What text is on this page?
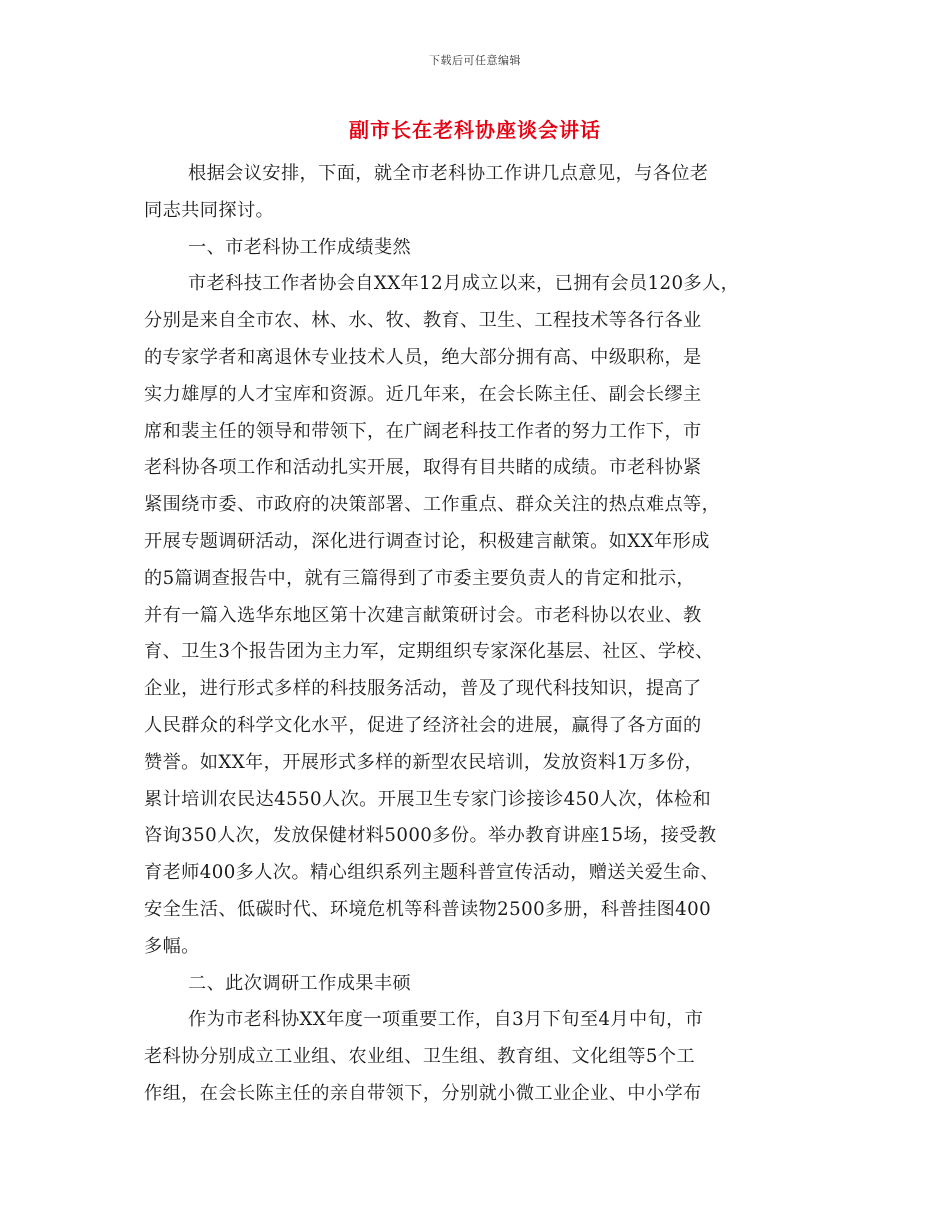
下载后可任意编辑
副市长在老科协座谈会讲话
根据会议安排，下面，就全市老科协工作讲几点意见，与各位老
同志共同探讨。
一、市老科协工作成绩斐然
市老科技工作者协会自XX年12月成立以来，已拥有会员120多人，
分别是来自全市农、林、水、牧、教育、卫生、工程技术等各行各业
的专家学者和离退休专业技术人员，绝大部分拥有高、中级职称，是
实力雄厚的人才宝库和资源。近几年来，在会长陈主任、副会长缪主
席和裴主任的领导和带领下，在广阔老科技工作者的努力工作下，市
老科协各项工作和活动扎实开展，取得有目共睹的成绩。市老科协紧
紧围绕市委、市政府的决策部署、工作重点、群众关注的热点难点等，
开展专题调研活动，深化进行调查讨论，积极建言献策。如XX年形成
的5篇调查报告中，就有三篇得到了市委主要负责人的肯定和批示，
并有一篇入选华东地区第十次建言献策研讨会。市老科协以农业、教
育、卫生3个报告团为主力军，定期组织专家深化基层、社区、学校、
企业，进行形式多样的科技服务活动，普及了现代科技知识，提高了
人民群众的科学文化水平，促进了经济社会的进展，赢得了各方面的
赞誉。如XX年，开展形式多样的新型农民培训，发放资料1万多份，
累计培训农民达4550人次。开展卫生专家门诊接诊450人次，体检和
咨询350人次，发放保健材料5000多份。举办教育讲座15场，接受教
育老师400多人次。精心组织系列主题科普宣传活动，赠送关爱生命、
安全生活、低碳时代、环境危机等科普读物2500多册，科普挂图400
多幅。
二、此次调研工作成果丰硕
作为市老科协XX年度一项重要工作，自3月下旬至4月中旬，市
老科协分别成立工业组、农业组、卫生组、教育组、文化组等5个工
作组，在会长陈主任的亲自带领下，分别就小微工业企业、中小学布
